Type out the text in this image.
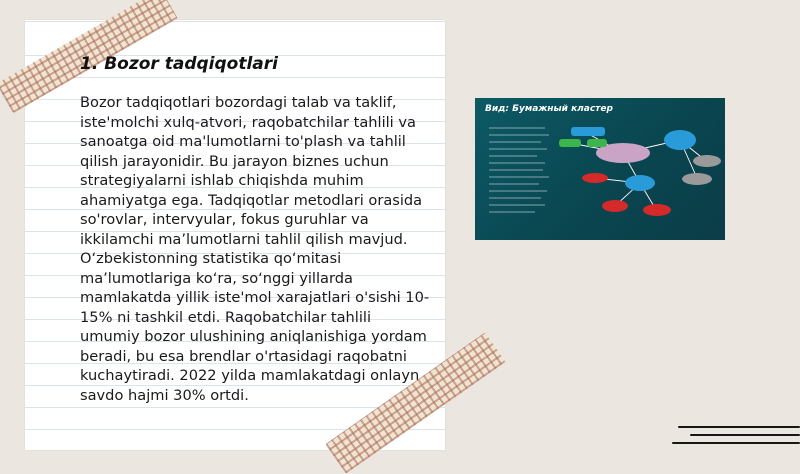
1. Bozor tadqiqotlari

Bozor tadqiqotlari bozordagi talab va taklif, iste'molchi xulq-atvori, raqobatchilar tahlili va sanoatga oid ma'lumotlarni to'plash va tahlil qilish jarayonidir. Bu jarayon biznes uchun strategiyalarni ishlab chiqishda muhim ahamiyatga ega. Tadqiqotlar metodlari orasida so'rovlar, intervyular, fokus guruhlar va ikkilamchi ma’lumotlarni tahlil qilish mavjud. O‘zbekistonning statistika qo‘mitasi ma’lumotlariga ko‘ra, so‘nggi yillarda mamlakatda yillik iste'mol xarajatlari o'sishi 10-15% ni tashkil etdi. Raqobatchilar tahlili umumiy bozor ulushining aniqlanishiga yordam beradi, bu esa brendlar o'rtasidagi raqobatni kuchaytiradi. 2022 yilda mamlakatdagi onlayn savdo hajmi 30% ortdi.

Вид: Бумажный кластер
